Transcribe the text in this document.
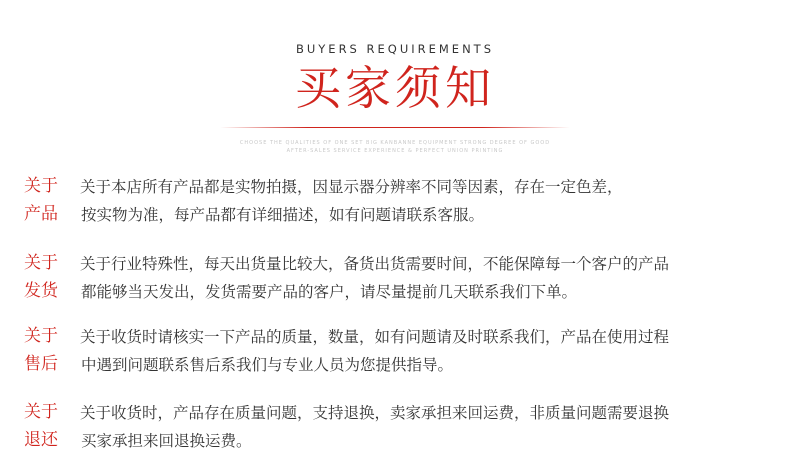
BUYERS REQUIREMENTS
买家须知
CHOOSE THE QUALITIES OF ONE SET BIG KANBANNE EQUIPMENT STRONG DEGREE OF GOOD
AFTER-SALES SERVICE EXPERIENCE & PERFECT UNION PRINTING
关于
产品
关于本店所有产品都是实物拍摄，因显示器分辨率不同等因素，存在一定色差，
按实物为准，每产品都有详细描述，如有问题请联系客服。
关于
发货
关于行业特殊性，每天出货量比较大，备货出货需要时间，不能保障每一个客户的产品
都能够当天发出，发货需要产品的客户，请尽量提前几天联系我们下单。
关于
售后
关于收货时请核实一下产品的质量，数量，如有问题请及时联系我们，产品在使用过程
中遇到问题联系售后系我们与专业人员为您提供指导。
关于
退还
关于收货时，产品存在质量问题，支持退换，卖家承担来回运费，非质量问题需要退换
买家承担来回退换运费。
